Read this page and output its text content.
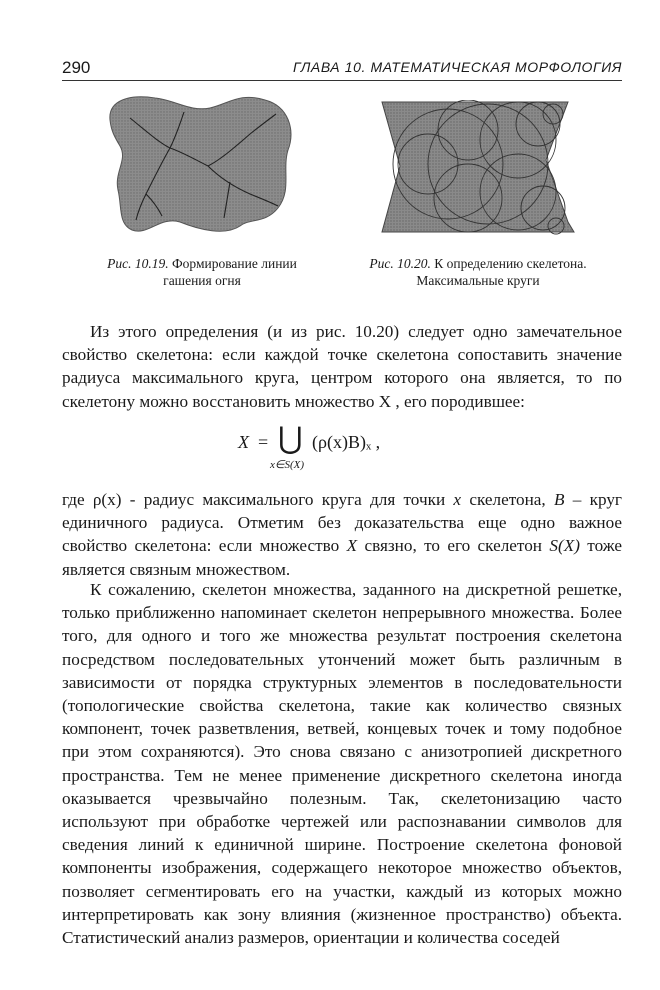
290	ГЛАВА 10. МАТЕМАТИЧЕСКАЯ МОРФОЛОГИЯ
Рис. 10.19. Формирование линии гашения огня
Рис. 10.20. К определению скелетона. Максимальные круги
Из этого определения (и из рис. 10.20) следует одно замечательное свойство скелетона: если каждой точке скелетона сопоставить значение радиуса максимального круга, центром которого она является, то по скелетону можно восстановить множество X , его породившее:
X = ⋃
x∈S(X)
(ρ(x)B)ₓ ,
где ρ(x) - радиус максимального круга для точки x скелетона, B – круг единичного радиуса. Отметим без доказательства еще одно важное свойство скелетона: если множество X связно, то его скелетон S(X) тоже является связным множеством.
К сожалению, скелетон множества, заданного на дискретной решетке, только приближенно напоминает скелетон непрерывного множества. Более того, для одного и того же множества результат построения скелетона посредством последовательных утончений может быть различным в зависимости от порядка структурных элементов в последовательности (топологические свойства скелетона, такие как количество связных компонент, точек разветвления, ветвей, концевых точек и тому подобное при этом сохраняются). Это снова связано с анизотропией дискретного пространства. Тем не менее применение дискретного скелетона иногда оказывается чрезвычайно полезным. Так, скелетонизацию часто используют при обработке чертежей или распознавании символов для сведения линий к единичной ширине. Построение скелетона фоновой компоненты изображения, содержащего некоторое множество объектов, позволяет сегментировать его на участки, каждый из которых можно интерпретировать как зону влияния (жизненное пространство) объекта. Статистический анализ размеров, ориентации и количества соседей
